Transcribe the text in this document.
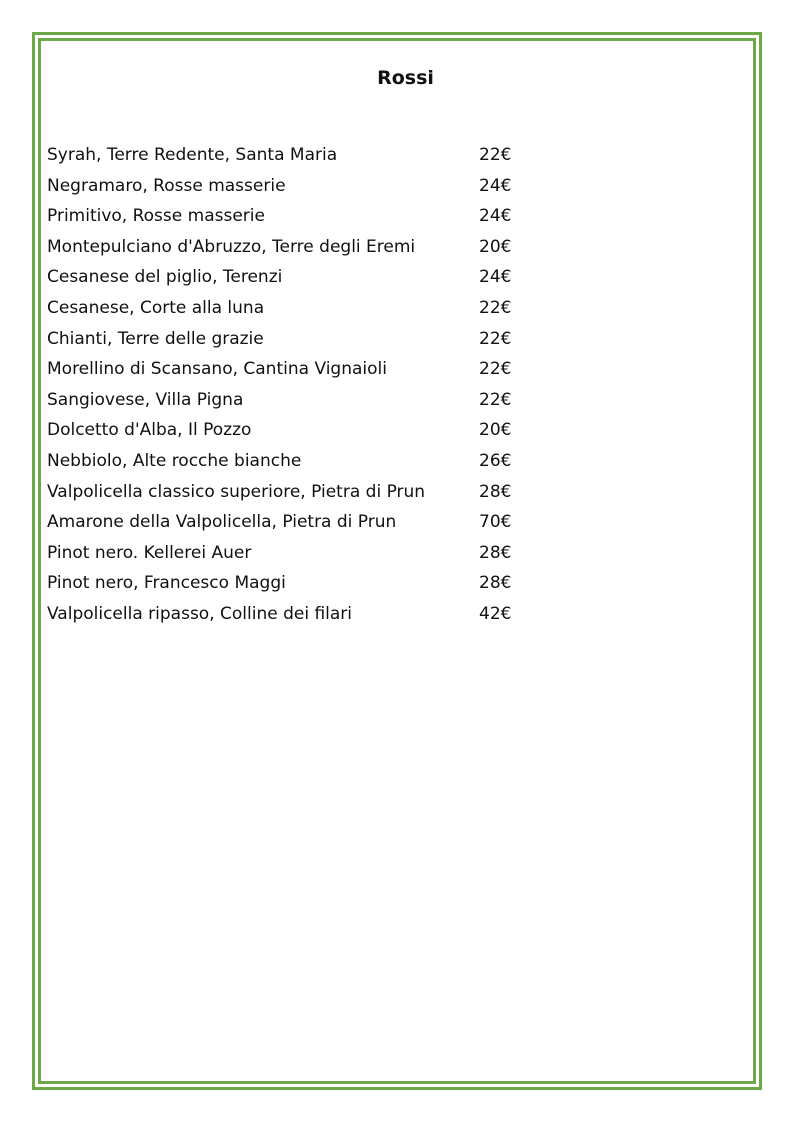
Rossi
Syrah, Terre Redente, Santa Maria	22€
Negramaro, Rosse masserie	24€
Primitivo, Rosse masserie	24€
Montepulciano d'Abruzzo, Terre degli Eremi	20€
Cesanese del piglio, Terenzi	24€
Cesanese, Corte alla luna	22€
Chianti, Terre delle grazie	22€
Morellino di Scansano, Cantina Vignaioli	22€
Sangiovese, Villa Pigna	22€
Dolcetto d'Alba, Il Pozzo	20€
Nebbiolo, Alte rocche bianche	26€
Valpolicella classico superiore, Pietra di Prun	28€
Amarone della Valpolicella, Pietra di Prun	70€
Pinot nero. Kellerei Auer	28€
Pinot nero, Francesco Maggi	28€
Valpolicella ripasso, Colline dei filari	42€
